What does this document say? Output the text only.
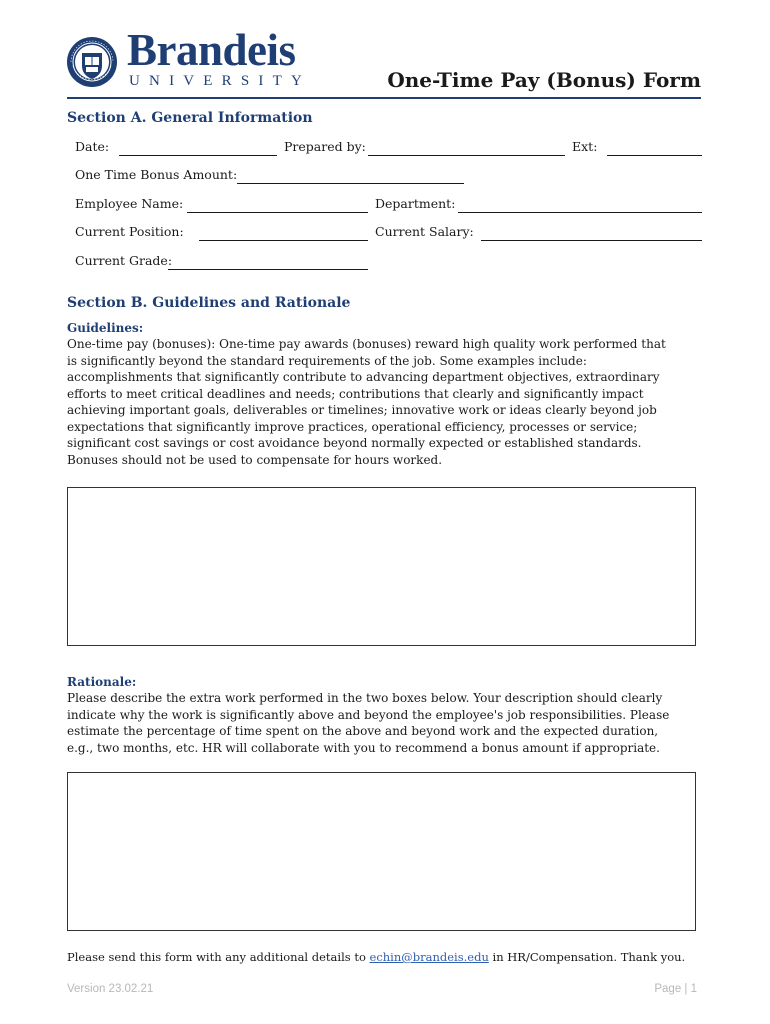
Brandeis
UNIVERSITY	One-Time Pay (Bonus) Form
Section A. General Information
Date:	Prepared by:	Ext:
One Time Bonus Amount:
Employee Name:	Department:
Current Position:	Current Salary:
Current Grade:
Section B. Guidelines and Rationale
Guidelines:
One-time pay (bonuses): One-time pay awards (bonuses) reward high quality work performed that is significantly beyond the standard requirements of the job. Some examples include: accomplishments that significantly contribute to advancing department objectives, extraordinary efforts to meet critical deadlines and needs; contributions that clearly and significantly impact achieving important goals, deliverables or timelines; innovative work or ideas clearly beyond job expectations that significantly improve practices, operational efficiency, processes or service; significant cost savings or cost avoidance beyond normally expected or established standards. Bonuses should not be used to compensate for hours worked.
Rationale:
Please describe the extra work performed in the two boxes below. Your description should clearly indicate why the work is significantly above and beyond the employee's job responsibilities. Please estimate the percentage of time spent on the above and beyond work and the expected duration, e.g., two months, etc. HR will collaborate with you to recommend a bonus amount if appropriate.
Please send this form with any additional details to echin@brandeis.edu in HR/Compensation. Thank you.
Version 23.02.21	Page | 1
